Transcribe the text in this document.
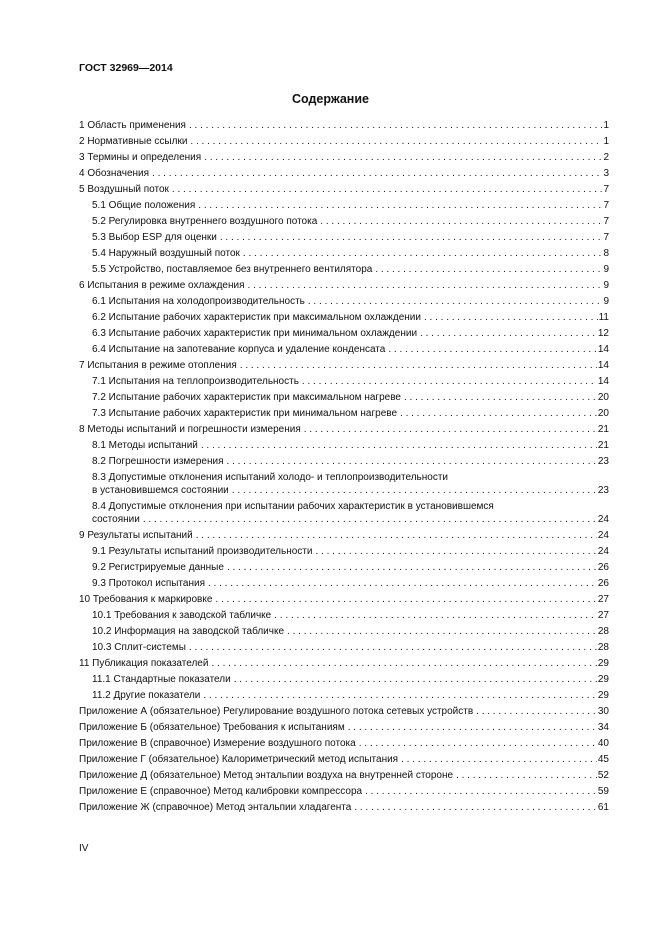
ГОСТ 32969—2014
Содержание
1 Область применения . . .	1
2 Нормативные ссылки . . .	1
3 Термины и определения . . .	2
4 Обозначения . . .	3
5 Воздушный поток . . .	7
5.1 Общие положения . . .	7
5.2 Регулировка внутреннего воздушного потока . . .	7
5.3 Выбор ESP для оценки . . .	7
5.4 Наружный воздушный поток . . .	8
5.5 Устройство, поставляемое без внутреннего вентилятора . . .	9
6 Испытания в режиме охлаждения . . .	9
6.1 Испытания на холодопроизводительность . . .	9
6.2 Испытание рабочих характеристик при максимальном охлаждении . . .	11
6.3 Испытание рабочих характеристик при минимальном охлаждении . . .	12
6.4 Испытание на запотевание корпуса и удаление конденсата . . .	14
7 Испытания в режиме отопления . . .	14
7.1 Испытания на теплопроизводительность . . .	14
7.2 Испытание рабочих характеристик при максимальном нагреве . . .	20
7.3 Испытание рабочих характеристик при минимальном нагреве . . .	20
8 Методы испытаний и погрешности измерения . . .	21
8.1 Методы испытаний . . .	21
8.2 Погрешности измерения . . .	23
8.3 Допустимые отклонения испытаний холодо- и теплопроизводительности
в установившемся состоянии . . .	23
8.4 Допустимые отклонения при испытании рабочих характеристик в установившемся
состоянии . . .	24
9 Результаты испытаний . . .	24
9.1 Результаты испытаний производительности . . .	24
9.2 Регистрируемые данные . . .	26
9.3 Протокол испытания . . .	26
10 Требования к маркировке . . .	27
10.1 Требования к заводской табличке . . .	27
10.2 Информация на заводской табличке . . .	28
10.3 Сплит-системы . . .	28
11 Публикация показателей . . .	29
11.1 Стандартные показатели . . .	29
11.2 Другие показатели . . .	29
Приложение А (обязательное) Регулирование воздушного потока сетевых устройств . . .	30
Приложение Б (обязательное) Требования к испытаниям . . .	34
Приложение В (справочное) Измерение воздушного потока . . .	40
Приложение Г (обязательное) Калориметрический метод испытания . . .	45
Приложение Д (обязательное) Метод энтальпии воздуха на внутренней стороне . . .	52
Приложение Е (справочное) Метод калибровки компрессора . . .	59
Приложение Ж (справочное) Метод энтальпии хладагента . . .	61
IV
